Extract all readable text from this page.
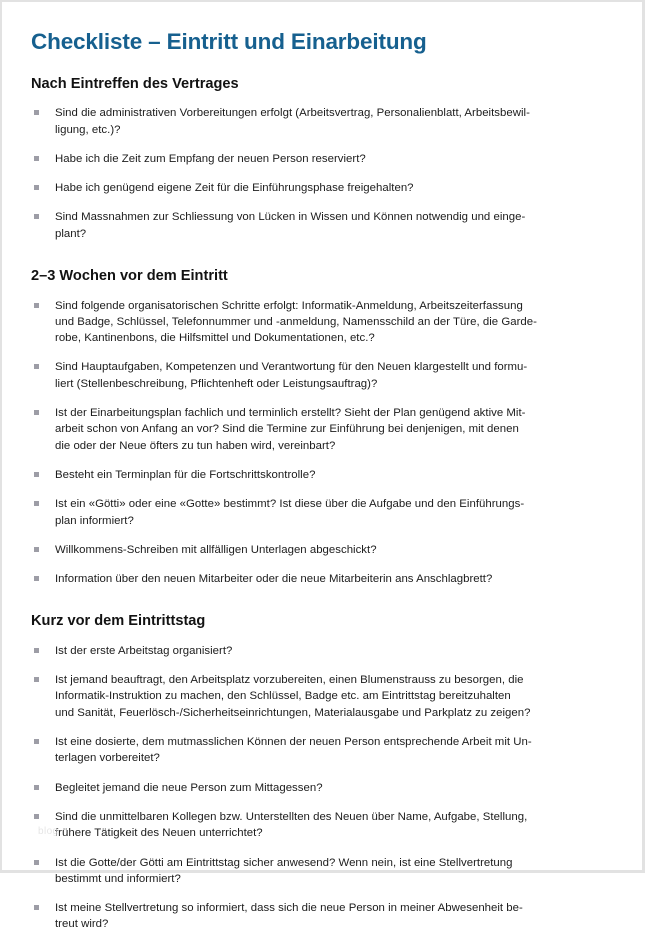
Checkliste – Eintritt und Einarbeitung
Nach Eintreffen des Vertrages
Sind die administrativen Vorbereitungen erfolgt (Arbeitsvertrag, Personalienblatt, Arbeitsbewil-
ligung, etc.)?
Habe ich die Zeit zum Empfang der neuen Person reserviert?
Habe ich genügend eigene Zeit für die Einführungsphase freigehalten?
Sind Massnahmen zur Schliessung von Lücken in Wissen und Können notwendig und einge-
plant?
2–3 Wochen vor dem Eintritt
Sind folgende organisatorischen Schritte erfolgt: Informatik-Anmeldung, Arbeitszeiterfassung
und Badge, Schlüssel, Telefonnummer und -anmeldung, Namensschild an der Türe, die Garde-
robe, Kantinenbons, die Hilfsmittel und Dokumentationen, etc.?
Sind Hauptaufgaben, Kompetenzen und Verantwortung für den Neuen klargestellt und formu-
liert (Stellenbeschreibung, Pflichtenheft oder Leistungsauftrag)?
Ist der Einarbeitungsplan fachlich und terminlich erstellt? Sieht der Plan genügend aktive Mit-
arbeit schon von Anfang an vor? Sind die Termine zur Einführung bei denjenigen, mit denen
die oder der Neue öfters zu tun haben wird, vereinbart?
Besteht ein Terminplan für die Fortschrittskontrolle?
Ist ein «Götti» oder eine «Gotte» bestimmt? Ist diese über die Aufgabe und den Einführungs-
plan informiert?
Willkommens-Schreiben mit allfälligen Unterlagen abgeschickt?
Information über den neuen Mitarbeiter oder die neue Mitarbeiterin ans Anschlagbrett?
Kurz vor dem Eintrittstag
Ist der erste Arbeitstag organisiert?
Ist jemand beauftragt, den Arbeitsplatz vorzubereiten, einen Blumenstrauss zu besorgen, die
Informatik-Instruktion zu machen, den Schlüssel, Badge etc. am Eintrittstag bereitzuhalten
und Sanität, Feuerlösch-/Sicherheitseinrichtungen, Materialausgabe und Parkplatz zu zeigen?
Ist eine dosierte, dem mutmasslichen Können der neuen Person entsprechende Arbeit mit Un-
terlagen vorbereitet?
Begleitet jemand die neue Person zum Mittagessen?
Sind die unmittelbaren Kollegen bzw. Unterstellten des Neuen über Name, Aufgabe, Stellung,
frühere Tätigkeit des Neuen unterrichtet?
Ist die Gotte/der Götti am Eintrittstag sicher anwesend? Wenn nein, ist eine Stellvertretung
bestimmt und informiert?
Ist meine Stellvertretung so informiert, dass sich die neue Person in meiner Abwesenheit be-
treut wird?
blog
